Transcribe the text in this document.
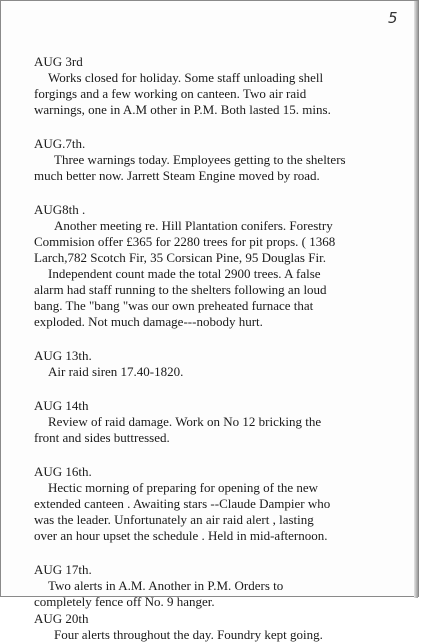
5
AUG 3rd

Works closed for holiday. Some staff unloading shell
forgings and a few working on canteen. Two air raid
warnings, one in A.M other in P.M. Both lasted 15. mins.

AUG.7th.

Three warnings today. Employees getting to the shelters
much better now. Jarrett Steam Engine moved by road.

AUG8th .

Another meeting re. Hill Plantation conifers. Forestry
Commision offer £365 for 2280 trees for pit props. ( 1368
Larch,782 Scotch Fir, 35 Corsican Pine, 95 Douglas Fir.

Independent count made the total 2900 trees. A false
alarm had staff running to the shelters following an loud
bang. The "bang "was our own preheated furnace that
exploded. Not much damage---nobody hurt.

AUG 13th.

Air raid siren 17.40-1820.

AUG 14th

Review of raid damage. Work on No 12 bricking the
front and sides buttressed.

AUG 16th.

Hectic morning of preparing for opening of the new
extended canteen . Awaiting stars --Claude Dampier who
was the leader. Unfortunately an air raid alert , lasting
over an hour upset the schedule . Held in mid-afternoon.

AUG 17th.

Two alerts in A.M. Another in P.M. Orders to
completely fence off No. 9 hanger.

AUG 20th

Four alerts throughout the day. Foundry kept going.
